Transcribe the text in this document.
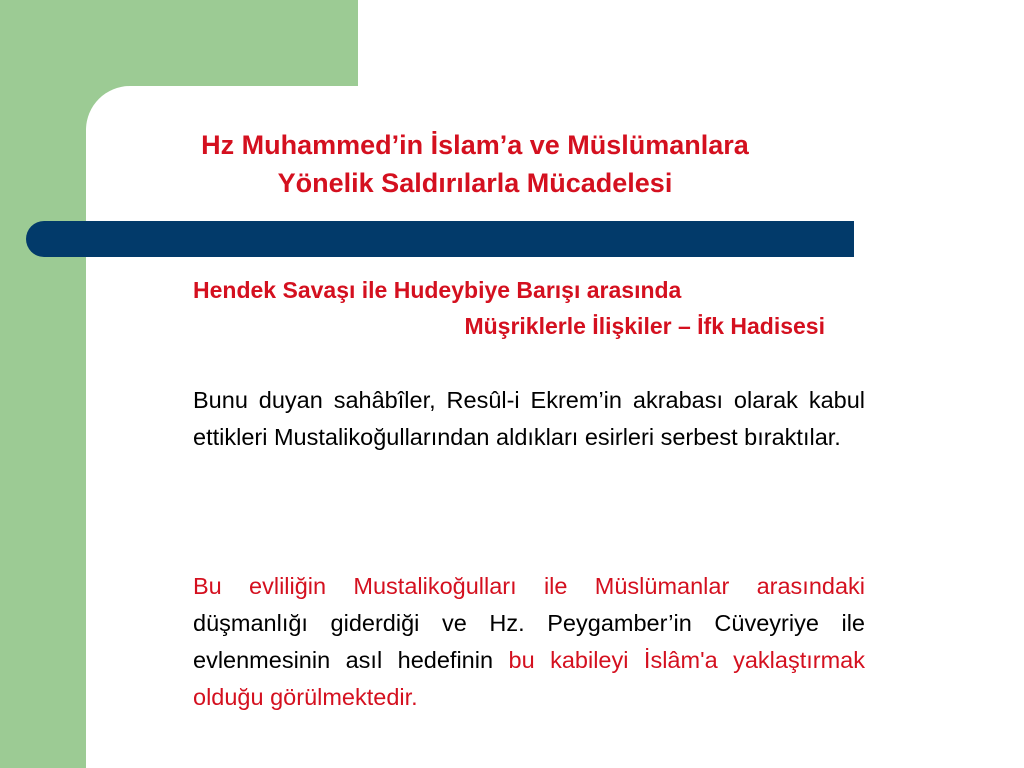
Hz Muhammed’in İslam’a ve Müslümanlara
Yönelik Saldırılarla Mücadelesi
Hendek Savaşı ile Hudeybiye Barışı arasında
Müşriklerle İlişkiler – İfk Hadisesi
Bunu duyan sahâbîler, Resûl-i Ekrem’in akrabası olarak kabul ettikleri Mustalikoğullarından aldıkları esirleri serbest bıraktılar.
Bu evliliğin Mustalikoğulları ile Müslümanlar arasındaki düşmanlığı giderdiği ve Hz. Peygamber’in Cüveyriye ile evlenmesinin asıl hedefinin bu kabileyi İslâm'a yaklaştırmak olduğu görülmektedir.
